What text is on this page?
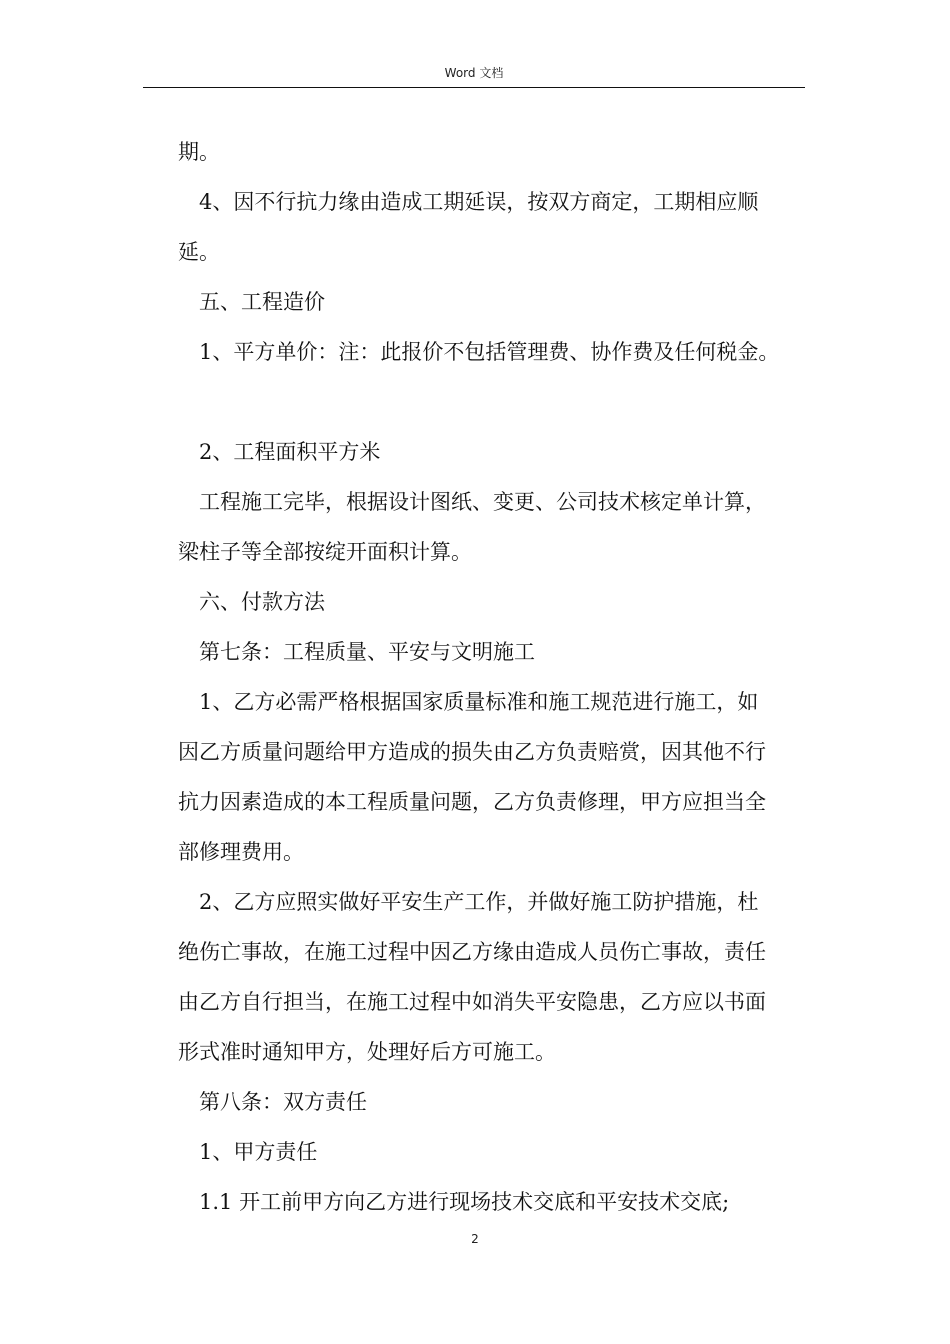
Word 文档

期。

4、因不行抗力缘由造成工期延误，按双方商定，工期相应顺

延。

五、工程造价

1、平方单价：注：此报价不包括管理费、协作费及任何税金。

2、工程面积平方米

工程施工完毕，根据设计图纸、变更、公司技术核定单计算，

梁柱子等全部按绽开面积计算。

六、付款方法

第七条：工程质量、平安与文明施工

1、乙方必需严格根据国家质量标准和施工规范进行施工，如

因乙方质量问题给甲方造成的损失由乙方负责赔赏，因其他不行

抗力因素造成的本工程质量问题，乙方负责修理，甲方应担当全

部修理费用。

2、乙方应照实做好平安生产工作，并做好施工防护措施，杜

绝伤亡事故，在施工过程中因乙方缘由造成人员伤亡事故，责任

由乙方自行担当，在施工过程中如消失平安隐患，乙方应以书面

形式准时通知甲方，处理好后方可施工。

第八条：双方责任

1、甲方责任

1.1 开工前甲方向乙方进行现场技术交底和平安技术交底;

2
